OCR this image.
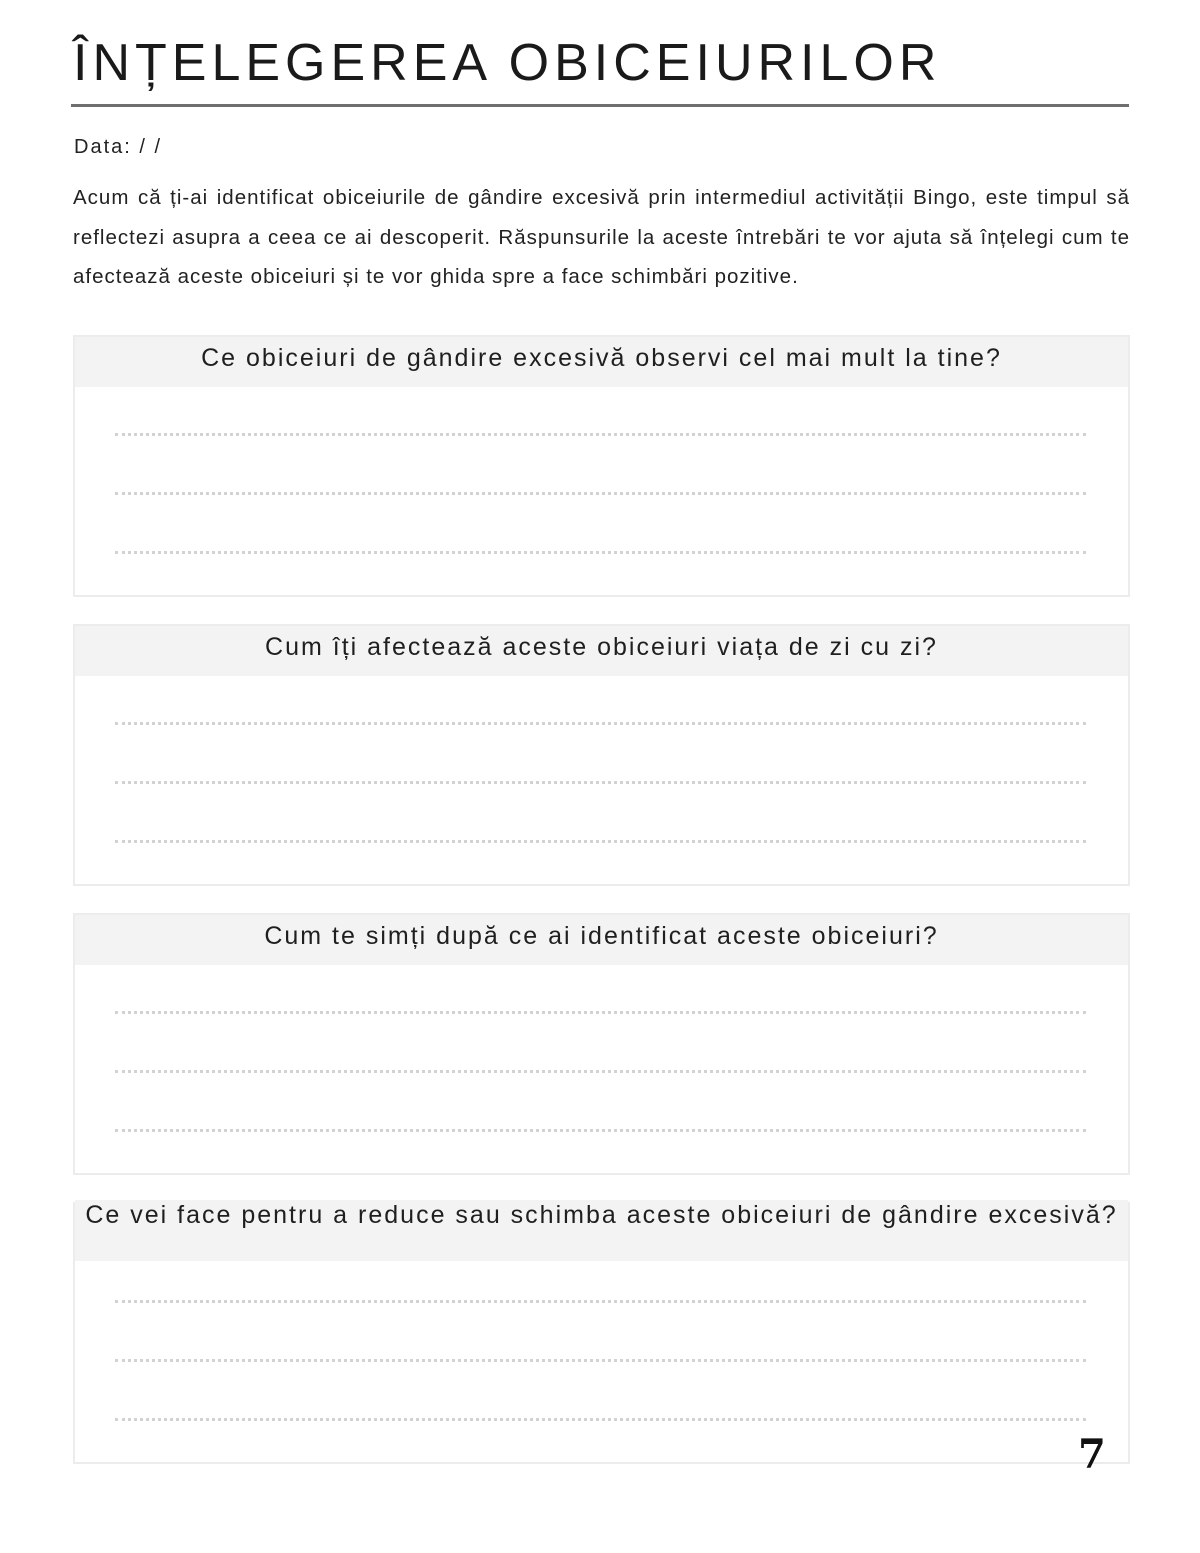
ÎNȚELEGEREA OBICEIURILOR
Data: / /

Acum că ți-ai identificat obiceiurile de gândire excesivă prin intermediul activității Bingo, este timpul să reflectezi asupra a ceea ce ai descoperit. Răspunsurile la aceste întrebări te vor ajuta să înțelegi cum te afectează aceste obiceiuri și te vor ghida spre a face schimbări pozitive.

Ce obiceiuri de gândire excesivă observi cel mai mult la tine?
Cum îți afectează aceste obiceiuri viața de zi cu zi?
Cum te simți după ce ai identificat aceste obiceiuri?
Ce vei face pentru a reduce sau schimba aceste obiceiuri de gândire excesivă?
7
